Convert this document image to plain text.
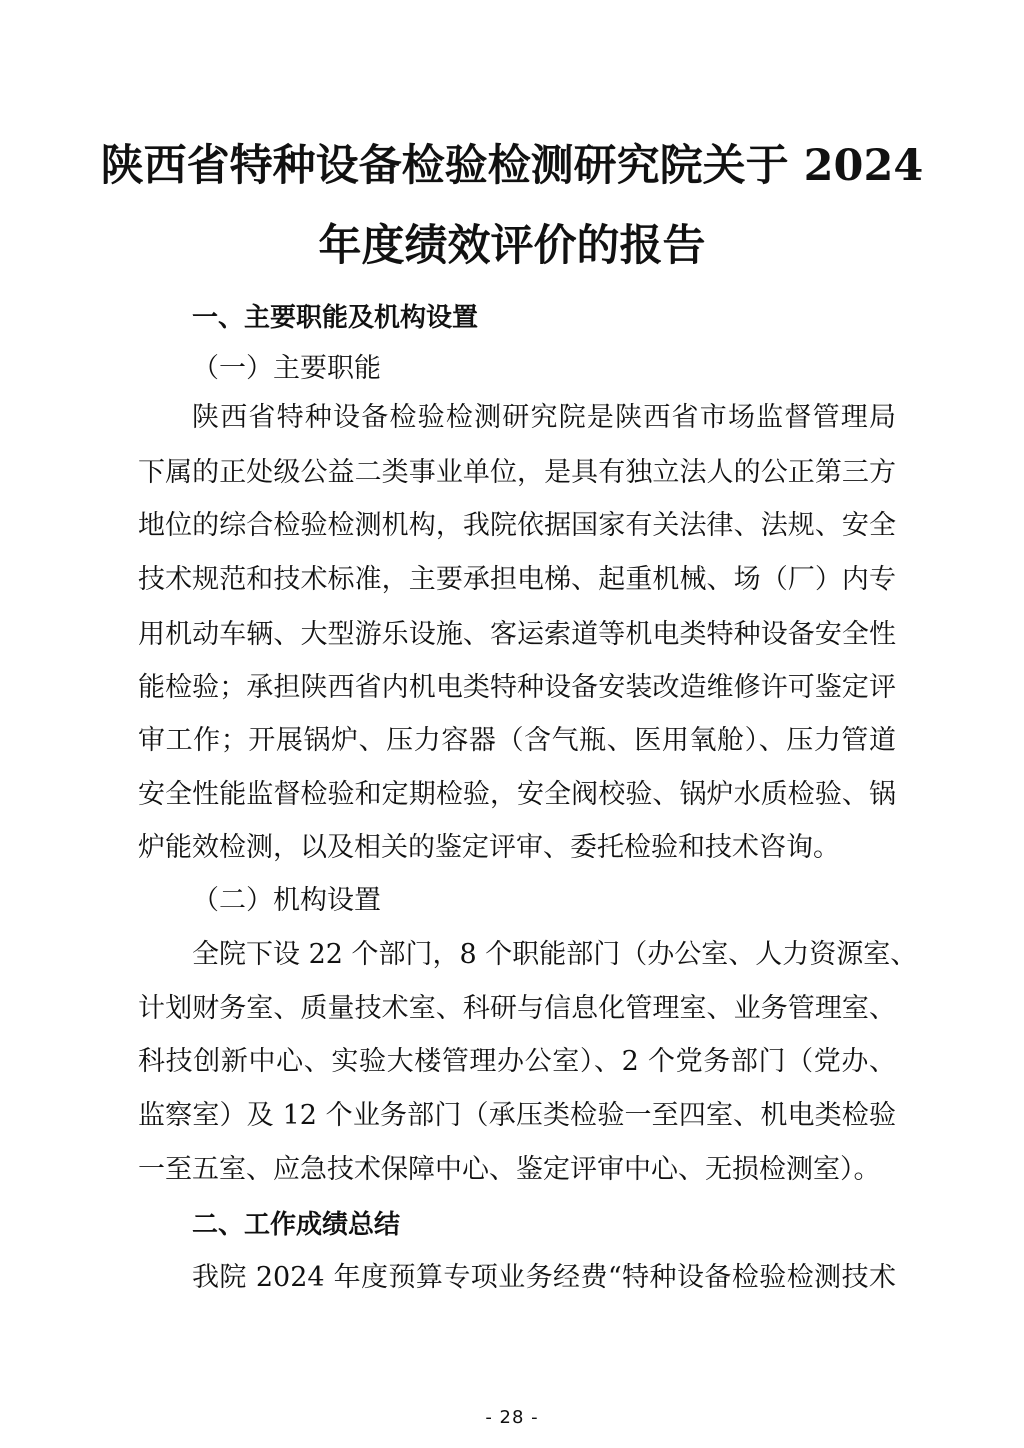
陕西省特种设备检验检测研究院关于 2024
年度绩效评价的报告
一、主要职能及机构设置
（一）主要职能
陕西省特种设备检验检测研究院是陕西省市场监督管理局
下属的正处级公益二类事业单位，是具有独立法人的公正第三方
地位的综合检验检测机构，我院依据国家有关法律、法规、安全
技术规范和技术标准，主要承担电梯、起重机械、场（厂）内专
用机动车辆、大型游乐设施、客运索道等机电类特种设备安全性
能检验；承担陕西省内机电类特种设备安装改造维修许可鉴定评
审工作；开展锅炉、压力容器（含气瓶、医用氧舱）、压力管道
安全性能监督检验和定期检验，安全阀校验、锅炉水质检验、锅
炉能效检测，以及相关的鉴定评审、委托检验和技术咨询。
（二）机构设置
全院下设 22 个部门，8 个职能部门（办公室、人力资源室、
计划财务室、质量技术室、科研与信息化管理室、业务管理室、
科技创新中心、实验大楼管理办公室）、2 个党务部门（党办、
监察室）及 12 个业务部门（承压类检验一至四室、机电类检验
一至五室、应急技术保障中心、鉴定评审中心、无损检测室）。
二、工作成绩总结
我院 2024 年度预算专项业务经费“特种设备检验检测技术
- 28 -
